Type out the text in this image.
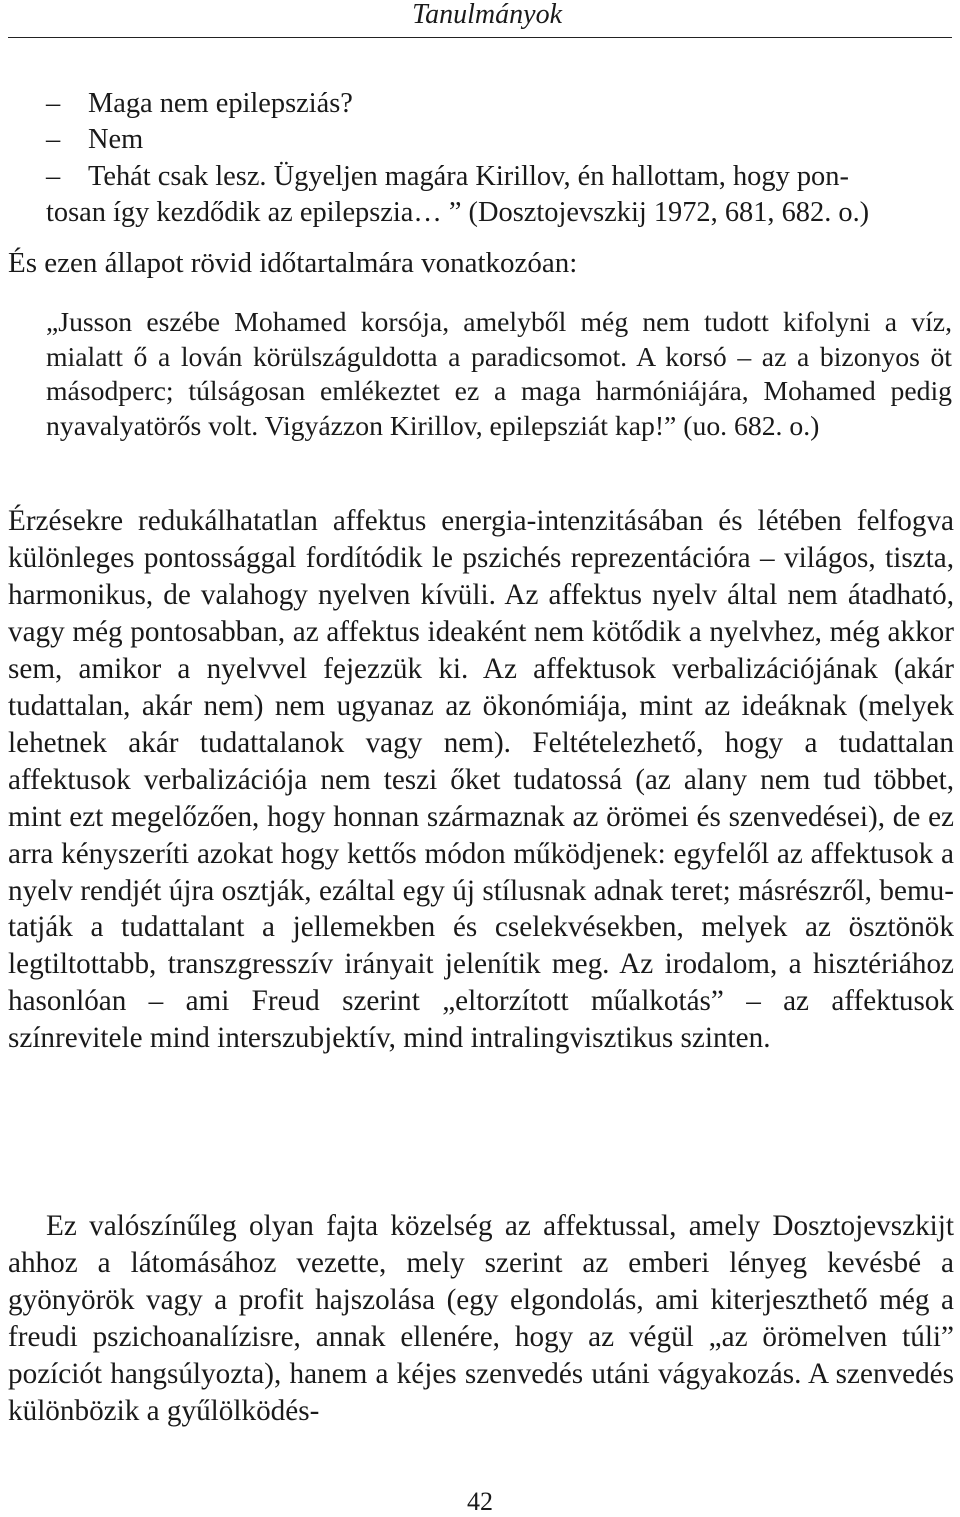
Tanulmányok

– Maga nem epilepsziás?

– Nem

– Tehát csak lesz. Ügyeljen magára Kirillov, én hallottam, hogy pon-

tosan így kezdődik az epilepszia… ” (Dosztojevszkij 1972, 681, 682. o.)

És ezen állapot rövid időtartalmára vonatkozóan:

„Jusson eszébe Mohamed korsója, amelyből még nem tudott kifolyni a víz, mialatt ő a lován körülszáguldotta a paradicsomot. A korsó – az a bizonyos öt másodperc; túlságosan emlékeztet ez a maga harmóniájára, Mohamed pedig nyavalyatörős volt. Vigyázzon Kirillov, epilepsziát kap!” (uo. 682. o.)

Érzésekre redukálhatatlan affektus energia-intenzitásában és létében felfogva különleges pontossággal fordítódik le pszichés reprezentációra – világos, tiszta, harmonikus, de valahogy nyelven kívüli. Az affektus nyelv által nem átadható, vagy még pontosabban, az affektus ideaként nem kötődik a nyelvhez, még akkor sem, amikor a nyelvvel fejezzük ki. Az affektusok verbalizációjának (akár tudattalan, akár nem) nem ugyanaz az ökonómiája, mint az ideáknak (melyek lehetnek akár tudattalanok vagy nem). Feltételezhető, hogy a tudattalan affektusok verbalizációja nem teszi őket tudatossá (az alany nem tud többet, mint ezt megelőzően, hogy honnan származnak az örömei és szenvedései), de ez arra kényszeríti azokat hogy kettős módon működjenek: egyfelől az affektusok a nyelv rendjét újra osztják, ezáltal egy új stílusnak adnak teret; másrészről, bemutatják a tudattalant a jellemekben és cselekvésekben, melyek az ösztönök legtiltottabb, transzgresszív irányait jelenítik meg. Az irodalom, a hisztériához hasonlóan – ami Freud szerint „eltorzított műalkotás” – az affektusok színrevitele mind interszubjektív, mind intralingvisztikus szinten.

Ez valószínűleg olyan fajta közelség az affektussal, amely Dosztojevszkijt ahhoz a látomásához vezette, mely szerint az emberi lényeg kevésbé a gyönyörök vagy a profit hajszolása (egy elgondolás, ami kiterjeszthető még a freudi pszichoanalízisre, annak ellenére, hogy az végül „az örömelven túli” pozíciót hangsúlyozta), hanem a kéjes szenvedés utáni vágyakozás. A szenvedés különbözik a gyűlölködés-

42
